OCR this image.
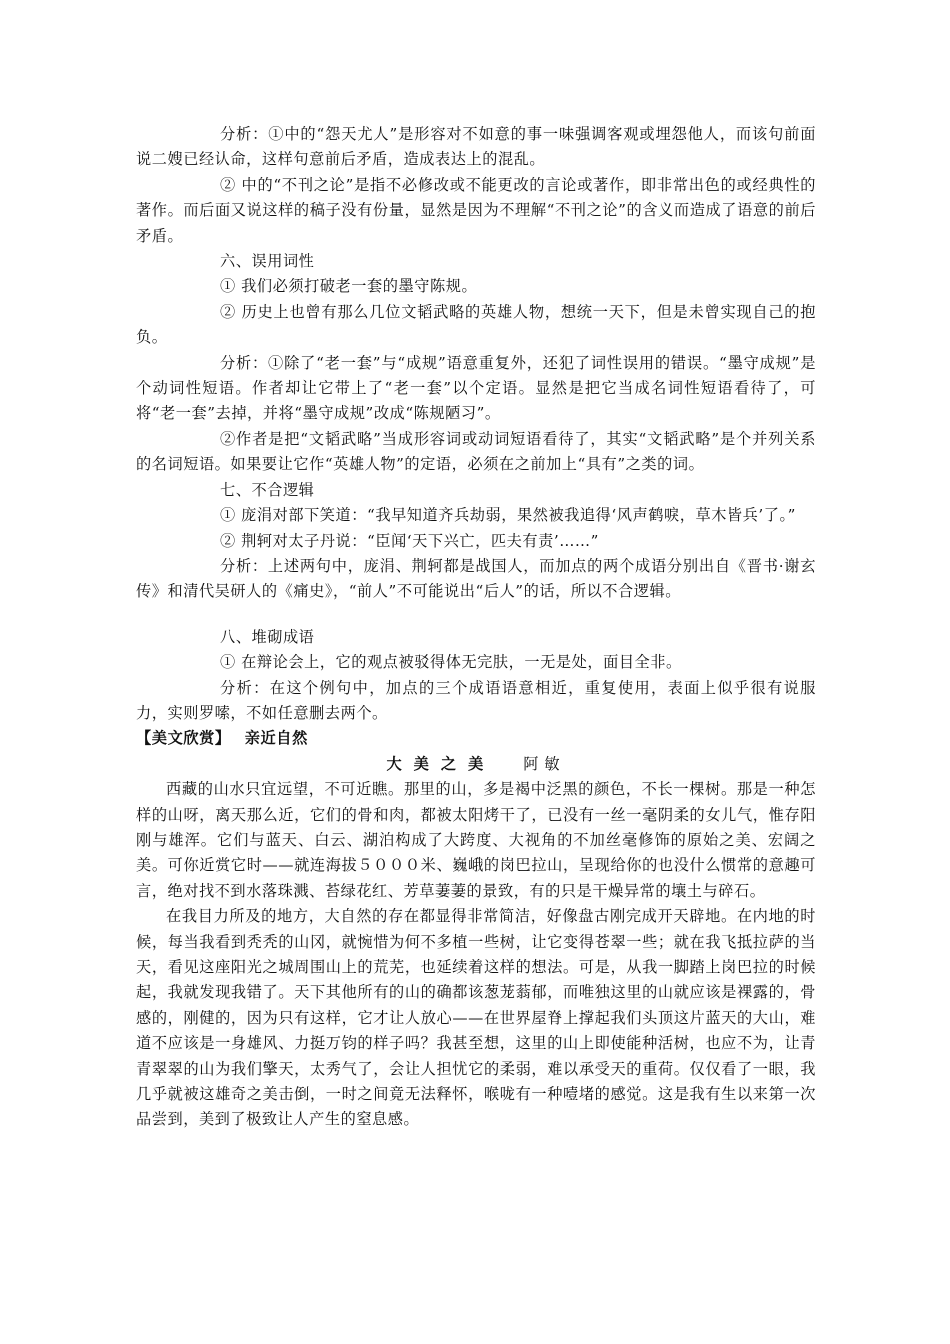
分析：①中的“怨天尤人”是形容对不如意的事一味强调客观或埋怨他人，而该句前面说二嫂已经认命，这样句意前后矛盾，造成表达上的混乱。

② 中的“不刊之论”是指不必修改或不能更改的言论或著作，即非常出色的或经典性的著作。而后面又说这样的稿子没有份量，显然是因为不理解“不刊之论”的含义而造成了语意的前后矛盾。

六、误用词性

① 我们必须打破老一套的墨守陈规。

② 历史上也曾有那么几位文韬武略的英雄人物，想统一天下，但是未曾实现自己的抱负。

分析：①除了“老一套”与“成规”语意重复外，还犯了词性误用的错误。“墨守成规”是个动词性短语。作者却让它带上了“老一套”以个定语。显然是把它当成名词性短语看待了，可将“老一套”去掉，并将“墨守成规”改成“陈规陋习”。

②作者是把“文韬武略”当成形容词或动词短语看待了，其实“文韬武略”是个并列关系的名词短语。如果要让它作“英雄人物”的定语，必须在之前加上“具有”之类的词。

七、不合逻辑

① 庞涓对部下笑道：“我早知道齐兵劫弱，果然被我追得‘风声鹤唳，草木皆兵’了。”

② 荆轲对太子丹说：“臣闻‘天下兴亡，匹夫有责’……”

分析：上述两句中，庞涓、荆轲都是战国人，而加点的两个成语分别出自《晋书·谢玄传》和清代吴研人的《痛史》，“前人”不可能说出“后人”的话，所以不合逻辑。

八、堆砌成语

① 在辩论会上，它的观点被驳得体无完肤，一无是处，面目全非。

分析：在这个例句中，加点的三个成语语意相近，重复使用，表面上似乎很有说服力，实则罗嗦，不如任意删去两个。

【美文欣赏】 亲近自然

大美之美 阿敏

西藏的山水只宜远望，不可近瞧。那里的山，多是褐中泛黑的颜色，不长一棵树。那是一种怎样的山呀，离天那么近，它们的骨和肉，都被太阳烤干了，已没有一丝一毫阴柔的女儿气，惟存阳刚与雄浑。它们与蓝天、白云、湖泊构成了大跨度、大视角的不加丝毫修饰的原始之美、宏阔之美。可你近赏它时——就连海拔５０００米、巍峨的岗巴拉山，呈现给你的也没什么惯常的意趣可言，绝对找不到水落珠溅、苔绿花红、芳草萋萋的景致，有的只是干燥异常的壤土与碎石。

在我目力所及的地方，大自然的存在都显得非常简洁，好像盘古刚完成开天辟地。在内地的时候，每当我看到秃秃的山冈，就惋惜为何不多植一些树，让它变得苍翠一些；就在我飞抵拉萨的当天，看见这座阳光之城周围山上的荒芜，也延续着这样的想法。可是，从我一脚踏上岗巴拉的时候起，我就发现我错了。天下其他所有的山的确都该葱茏蓊郁，而唯独这里的山就应该是裸露的，骨感的，刚健的，因为只有这样，它才让人放心——在世界屋脊上撑起我们头顶这片蓝天的大山，难道不应该是一身雄风、力挺万钧的样子吗？我甚至想，这里的山上即使能种活树，也应不为，让青青翠翠的山为我们擎天，太秀气了，会让人担忧它的柔弱，难以承受天的重荷。仅仅看了一眼，我几乎就被这雄奇之美击倒，一时之间竟无法释怀，喉咙有一种噎堵的感觉。这是我有生以来第一次品尝到，美到了极致让人产生的窒息感。
